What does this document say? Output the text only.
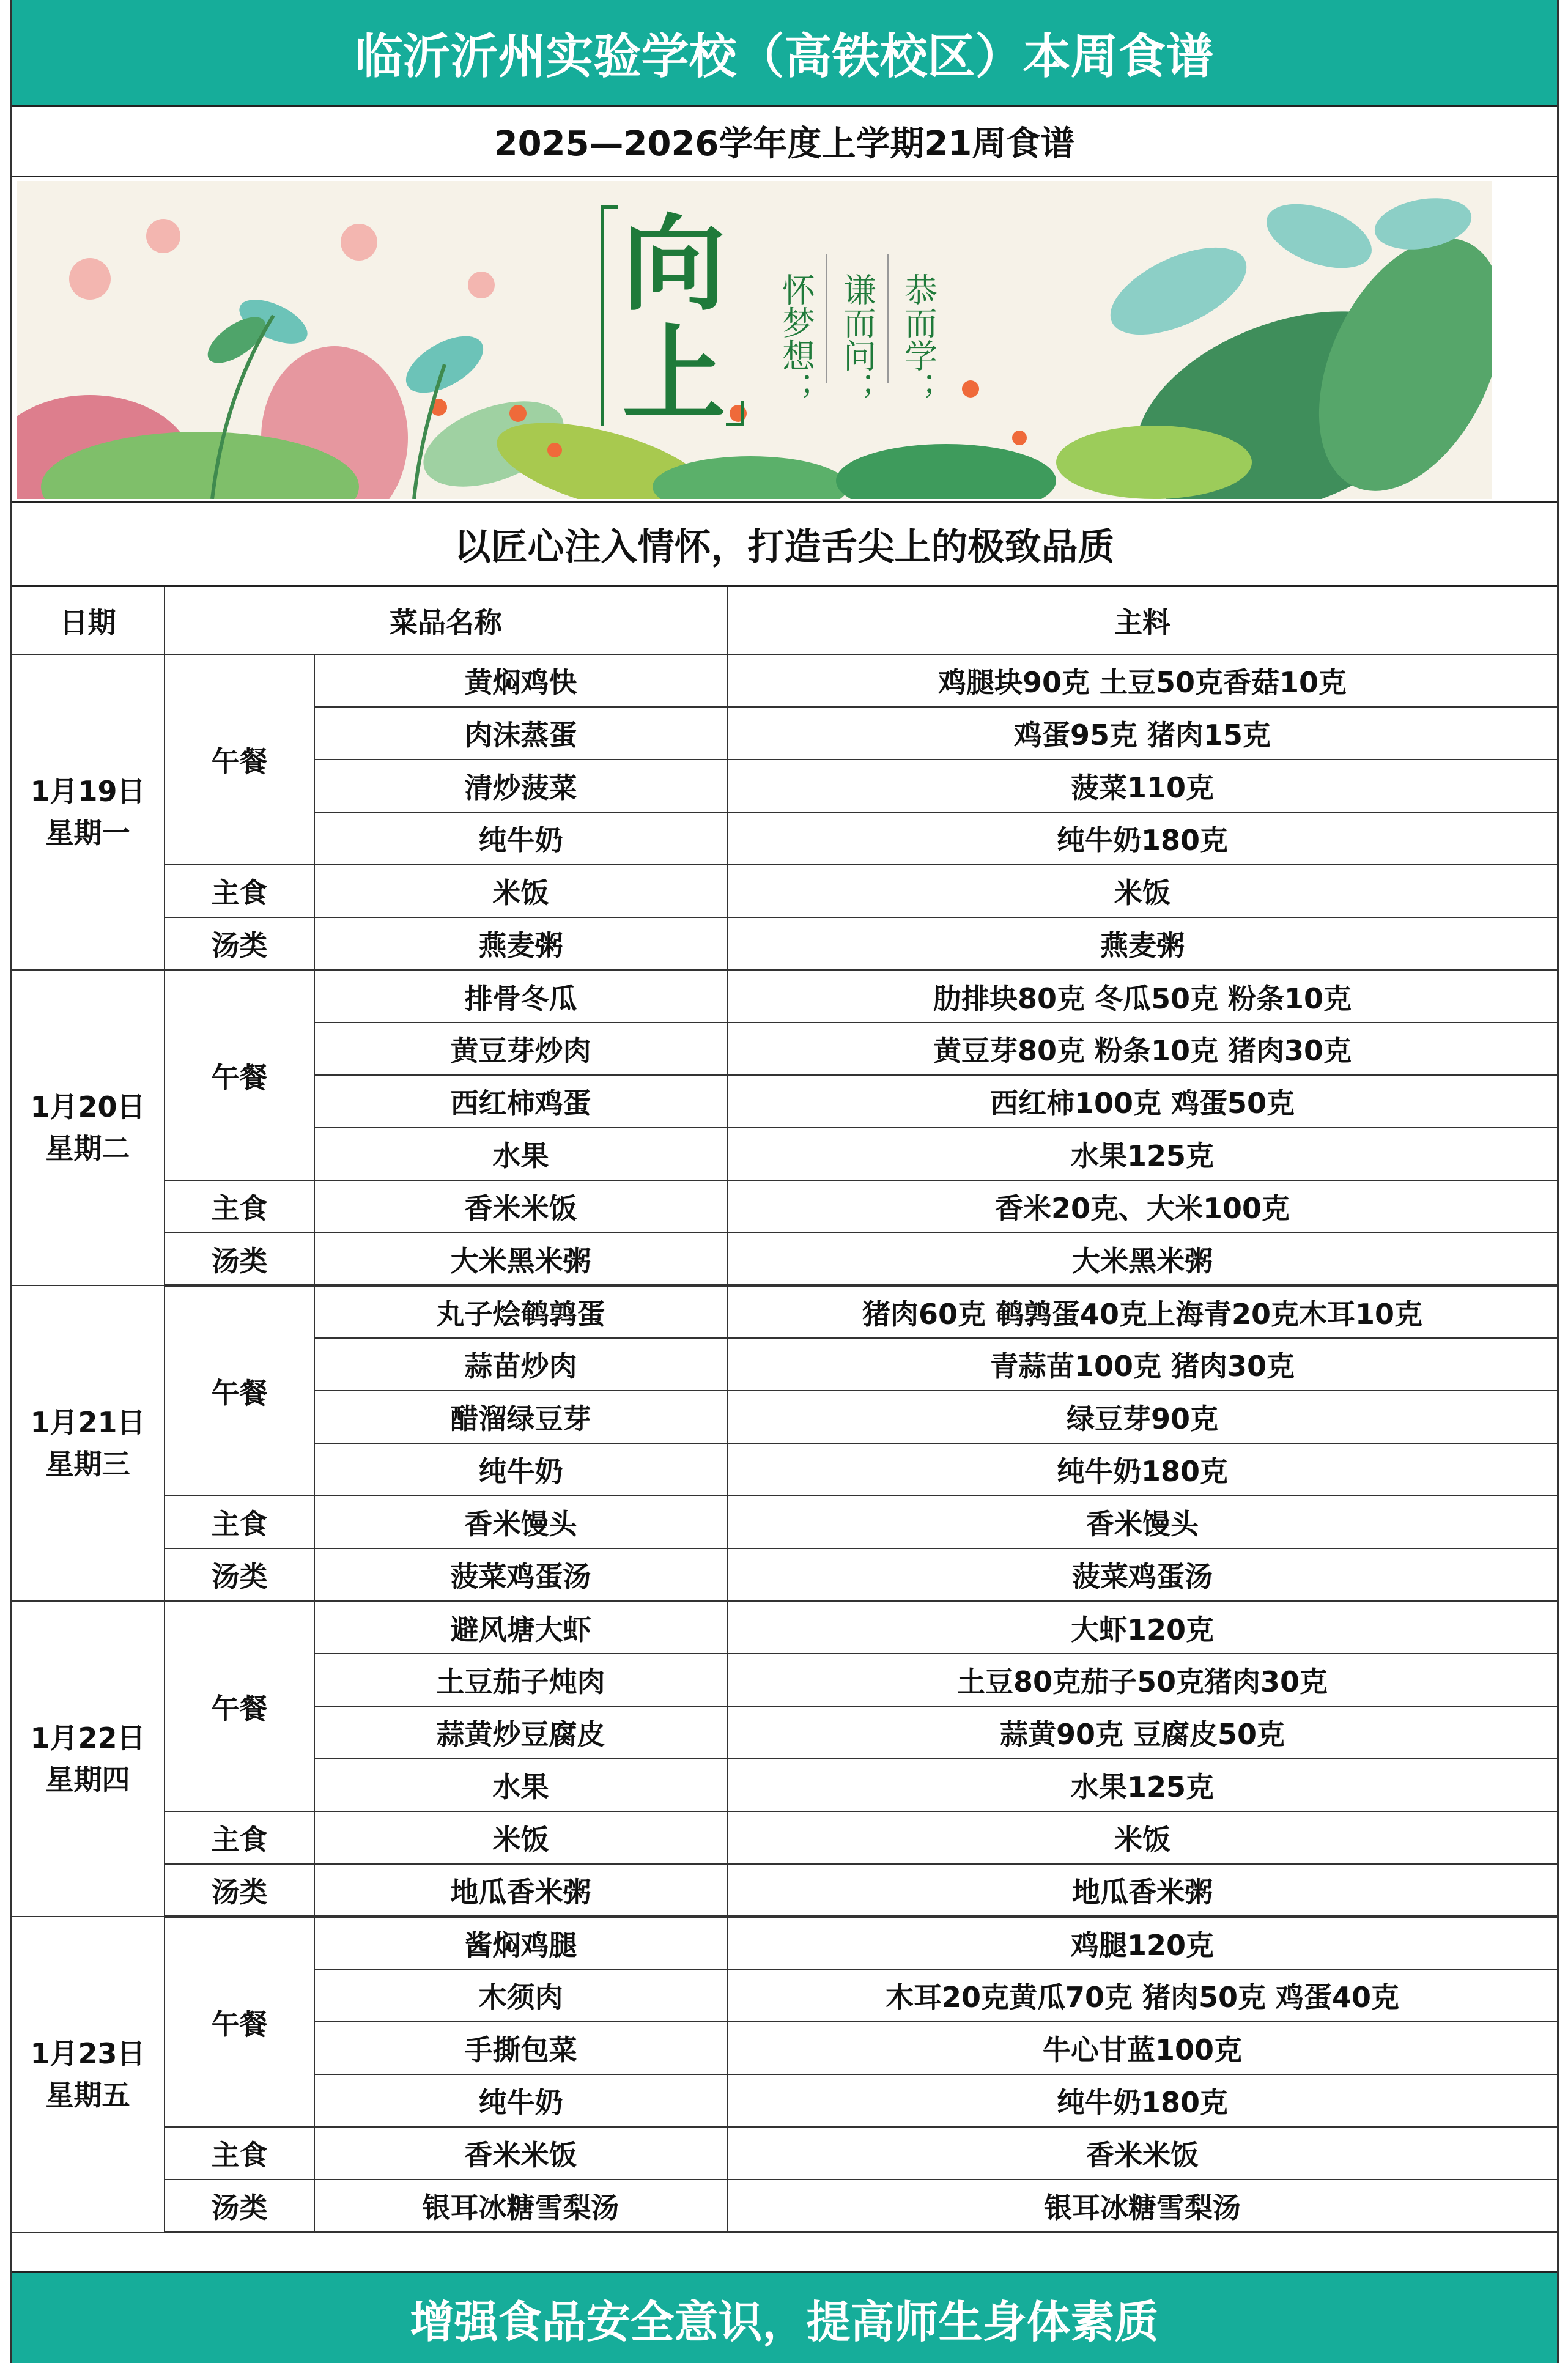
临沂沂州实验学校（高铁校区）本周食谱
2025—2026学年度上学期21周食谱
向
上	恭而学；
谦而问；
怀梦想；
以匠心注入情怀，打造舌尖上的极致品质
日期	菜品名称		主料

1月19日
星期一	午餐	黄焖鸡快	鸡腿块90克 土豆50克香菇10克
		肉沫蒸蛋	鸡蛋95克 猪肉15克
		清炒菠菜	菠菜110克
		纯牛奶	纯牛奶180克
	主食	米饭	米饭
	汤类	燕麦粥	燕麦粥

1月20日
星期二	午餐	排骨冬瓜	肋排块80克 冬瓜50克 粉条10克
		黄豆芽炒肉	黄豆芽80克 粉条10克 猪肉30克
		西红柿鸡蛋	西红柿100克 鸡蛋50克
		水果	水果125克
	主食	香米米饭	香米20克、大米100克
	汤类	大米黑米粥	大米黑米粥

1月21日
星期三	午餐	丸子烩鹌鹑蛋	猪肉60克 鹌鹑蛋40克上海青20克木耳10克
		蒜苗炒肉	青蒜苗100克 猪肉30克
		醋溜绿豆芽	绿豆芽90克
		纯牛奶	纯牛奶180克
	主食	香米馒头	香米馒头
	汤类	菠菜鸡蛋汤	菠菜鸡蛋汤

1月22日
星期四	午餐	避风塘大虾	大虾120克
		土豆茄子炖肉	土豆80克茄子50克猪肉30克
		蒜黄炒豆腐皮	蒜黄90克 豆腐皮50克
		水果	水果125克
	主食	米饭	米饭
	汤类	地瓜香米粥	地瓜香米粥

1月23日
星期五	午餐	酱焖鸡腿	鸡腿120克
		木须肉	木耳20克黄瓜70克 猪肉50克 鸡蛋40克
		手撕包菜	牛心甘蓝100克
		纯牛奶	纯牛奶180克
	主食	香米米饭	香米米饭
	汤类	银耳冰糖雪梨汤	银耳冰糖雪梨汤
增强食品安全意识，提高师生身体素质
